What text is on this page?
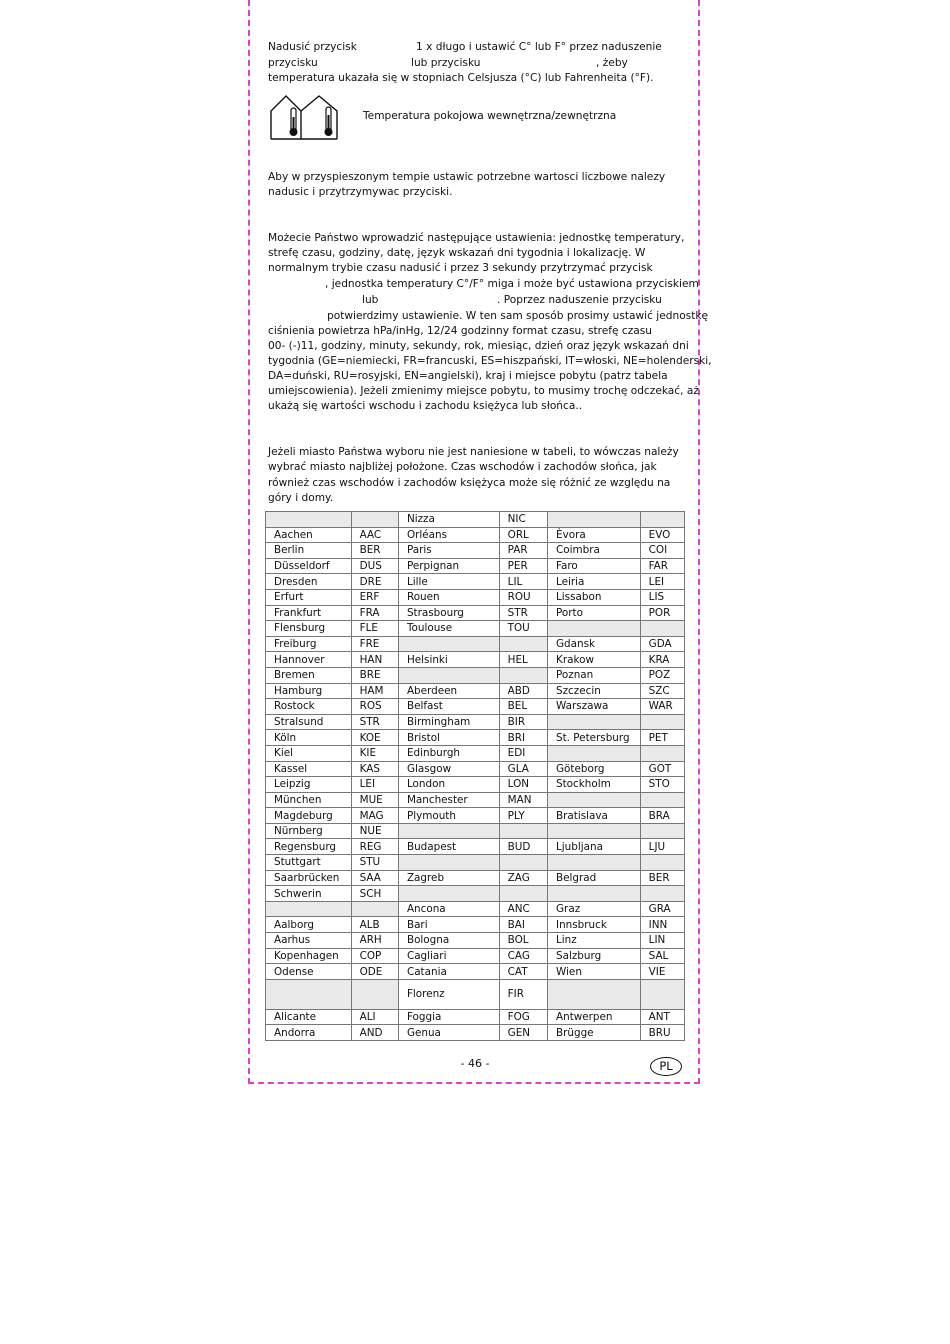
Nadusić przycisk	1 x długo i ustawić C° lub F° przez naduszenie
przycisku	lub przycisku	, żeby
temperatura ukazała się w stopniach Celsjusza (°C) lub Fahrenheita (°F).
Temperatura pokojowa wewnętrzna/zewnętrzna
Aby w przyspieszonym tempie ustawic potrzebne wartosci liczbowe nalezy nadusic i przytrzymywac przyciski.
Możecie Państwo wprowadzić następujące ustawienia: jednostkę temperatury,
strefę czasu, godziny, datę, język wskazań dni tygodnia i lokalizację. W
normalnym trybie czasu nadusić i przez 3 sekundy przytrzymać przycisk
, jednostka temperatury C°/F° miga i może być ustawiona przyciskiem
lub	. Poprzez naduszenie przycisku
potwierdzimy ustawienie. W ten sam sposób prosimy ustawić jednostkę
ciśnienia powietrza hPa/inHg, 12/24 godzinny format czasu, strefę czasu
00- (-)11, godziny, minuty, sekundy, rok, miesiąc, dzień oraz język wskazań dni
tygodnia (GE=niemiecki, FR=francuski, ES=hiszpański, IT=włoski, NE=holenderski,
DA=duński, RU=rosyjski, EN=angielski), kraj i miejsce pobytu (patrz tabela
umiejscowienia). Jeżeli zmienimy miejsce pobytu, to musimy trochę odczekać, aż
ukażą się wartości wschodu i zachodu księżyca lub słońca..
Jeżeli miasto Państwa wyboru nie jest naniesione w tabeli, to wówczas należy wybrać miasto najbliżej położone. Czas wschodów i zachodów słońca, jak również czas wschodów i zachodów księżyca może się różnić ze względu na góry i domy.
		Nizza	NIC		
Aachen	AAC	Orléans	ORL	Èvora	EVO
Berlin	BER	Paris	PAR	Coimbra	COI
Düsseldorf	DUS	Perpignan	PER	Faro	FAR
Dresden	DRE	Lille	LIL	Leiria	LEI
Erfurt	ERF	Rouen	ROU	Lissabon	LIS
Frankfurt	FRA	Strasbourg	STR	Porto	POR
Flensburg	FLE	Toulouse	TOU		
Freiburg	FRE			Gdansk	GDA
Hannover	HAN	Helsinki	HEL	Krakow	KRA
Bremen	BRE			Poznan	POZ
Hamburg	HAM	Aberdeen	ABD	Szczecin	SZC
Rostock	ROS	Belfast	BEL	Warszawa	WAR
Stralsund	STR	Birmingham	BIR		
Köln	KOE	Bristol	BRI	St. Petersburg	PET
Kiel	KIE	Edinburgh	EDI		
Kassel	KAS	Glasgow	GLA	Göteborg	GOT
Leipzig	LEI	London	LON	Stockholm	STO
München	MUE	Manchester	MAN		
Magdeburg	MAG	Plymouth	PLY	Bratislava	BRA
Nürnberg	NUE				
Regensburg	REG	Budapest	BUD	Ljubljana	LJU
Stuttgart	STU				
Saarbrücken	SAA	Zagreb	ZAG	Belgrad	BER
Schwerin	SCH				
		Ancona	ANC	Graz	GRA
Aalborg	ALB	Bari	BAI	Innsbruck	INN
Aarhus	ARH	Bologna	BOL	Linz	LIN
Kopenhagen	COP	Cagliari	CAG	Salzburg	SAL
Odense	ODE	Catania	CAT	Wien	VIE
		Florenz	FIR		
Alicante	ALI	Foggia	FOG	Antwerpen	ANT
Andorra	AND	Genua	GEN	Brügge	BRU
- 46 -	PL
